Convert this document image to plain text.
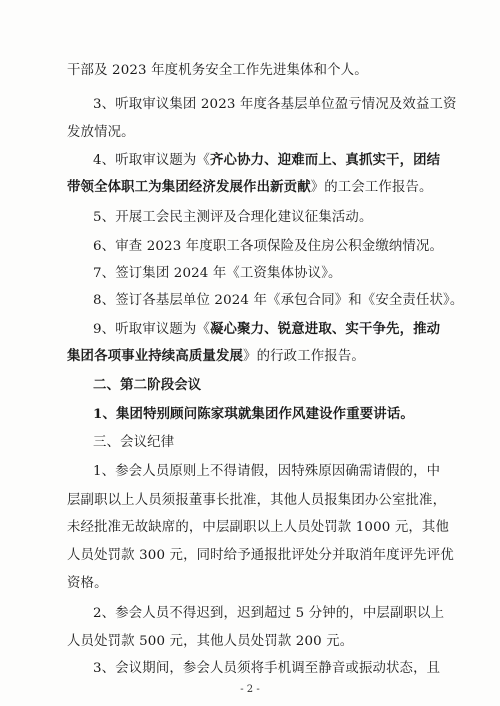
干部及 2023 年度机务安全工作先进集体和个人。
3、听取审议集团 2023 年度各基层单位盈亏情况及效益工资
发放情况。
4、听取审议题为《齐心协力、迎难而上、真抓实干，团结
带领全体职工为集团经济发展作出新贡献》的工会工作报告。
5、开展工会民主测评及合理化建议征集活动。
6、审查 2023 年度职工各项保险及住房公积金缴纳情况。
7、签订集团 2024 年《工资集体协议》。
8、签订各基层单位 2024 年《承包合同》和《安全责任状》。
9、听取审议题为《凝心聚力、锐意进取、实干争先，推动
集团各项事业持续高质量发展》的行政工作报告。
二、第二阶段会议
1、集团特别顾问陈家琪就集团作风建设作重要讲话。
三、会议纪律
1、参会人员原则上不得请假，因特殊原因确需请假的，中
层副职以上人员须报董事长批准，其他人员报集团办公室批准，
未经批准无故缺席的，中层副职以上人员处罚款 1000 元，其他
人员处罚款 300 元，同时给予通报批评处分并取消年度评先评优
资格。
2、参会人员不得迟到，迟到超过 5 分钟的，中层副职以上
人员处罚款 500 元，其他人员处罚款 200 元。
3、会议期间，参会人员须将手机调至静音或振动状态，且
- 2 -
